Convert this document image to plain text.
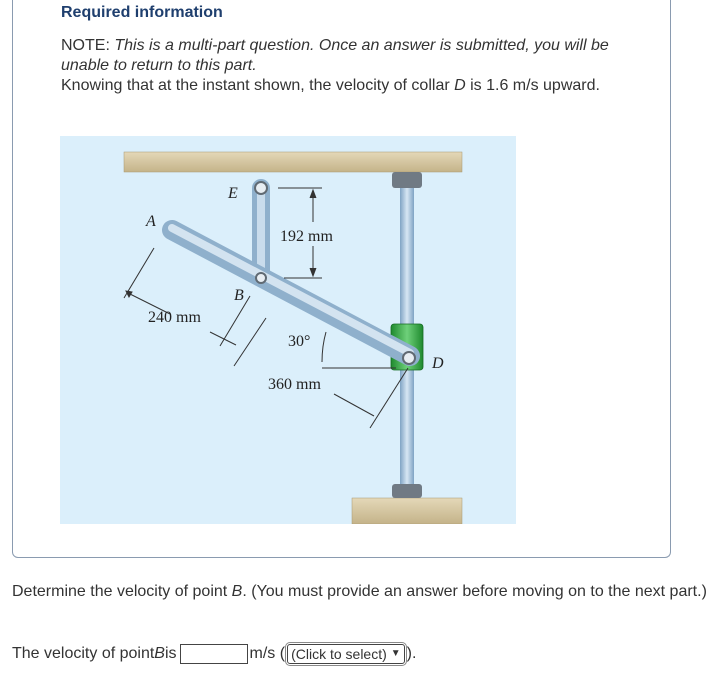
Required information
NOTE: This is a multi-part question. Once an answer is submitted, you will be unable to return to this part.
Knowing that at the instant shown, the velocity of collar D is 1.6 m/s upward.
192 mm
240 mm
360 mm
30°
A
B
D
E
Determine the velocity of point B. (You must provide an answer before moving on to the next part.)
The velocity of point B is	m/s ( (Click to select) ▼ ).
